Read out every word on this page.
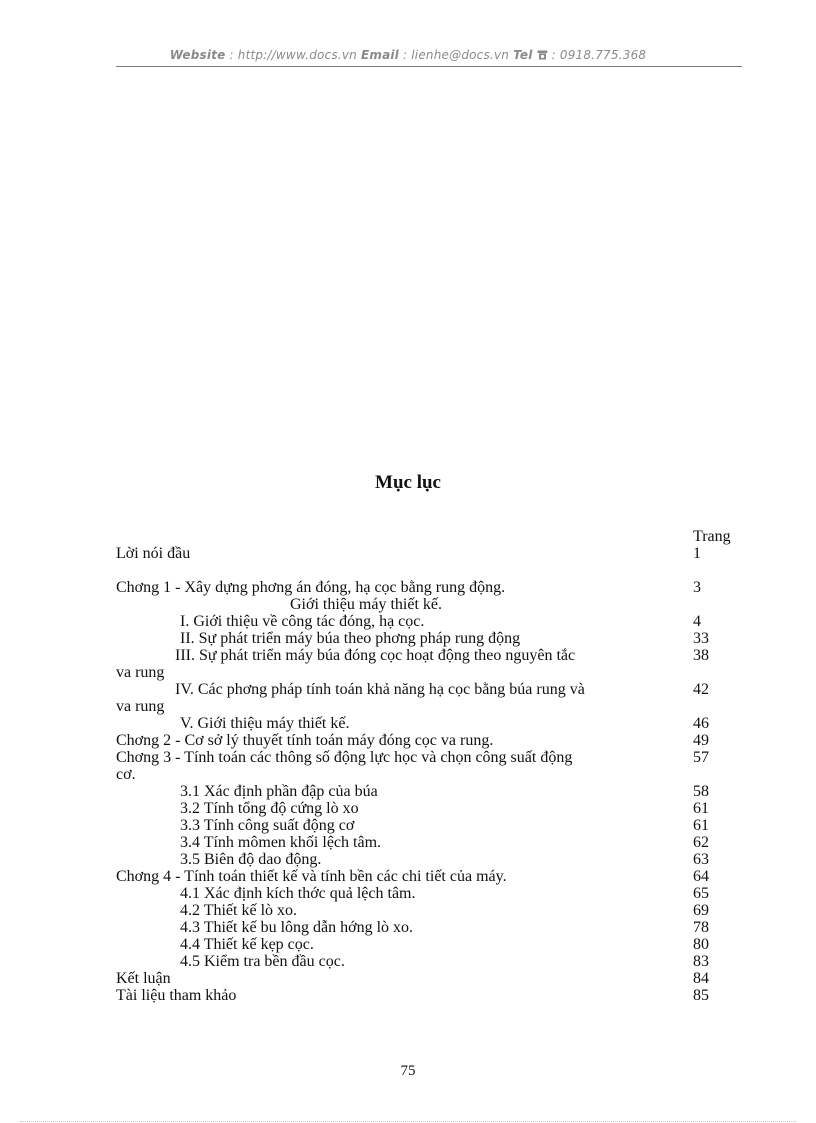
Website : http://www.docs.vn Email : lienhe@docs.vn Tel : 0918.775.368
Mục lục
Trang
Lời nói đầu	1
Chơng 1 - Xây dựng phơng án đóng, hạ cọc bằng rung động.	3
Giới thiệu máy thiết kế.
I. Giới thiệu về công tác đóng, hạ cọc.	4
II. Sự phát triển máy búa theo phơng pháp rung động	33
III. Sự phát triển máy búa đóng cọc hoạt động theo nguyên tắc	38
va rung
IV. Các phơng pháp tính toán khả năng hạ cọc bằng búa rung và	42
va rung
V. Giới thiệu máy thiết kế.	46
Chơng 2 - Cơ sở lý thuyết tính toán máy đóng cọc va rung.	49
Chơng 3 - Tính toán các thông số động lực học và chọn công suất động	57
cơ.
3.1 Xác định phần đập của búa	58
3.2 Tính tổng độ cứng lò xo	61
3.3 Tính công suất động cơ	61
3.4 Tính mômen khối lệch tâm.	62
3.5 Biên độ dao động.	63
Chơng 4 - Tính toán thiết kế và tính bền các chi tiết của máy.	64
4.1 Xác định kích thớc quả lệch tâm.	65
4.2 Thiết kế lò xo.	69
4.3 Thiết kế bu lông dẫn hớng lò xo.	78
4.4 Thiết kế kẹp cọc.	80
4.5 Kiểm tra bền đầu cọc.	83
Kết luận	84
Tài liệu tham khảo	85
75
